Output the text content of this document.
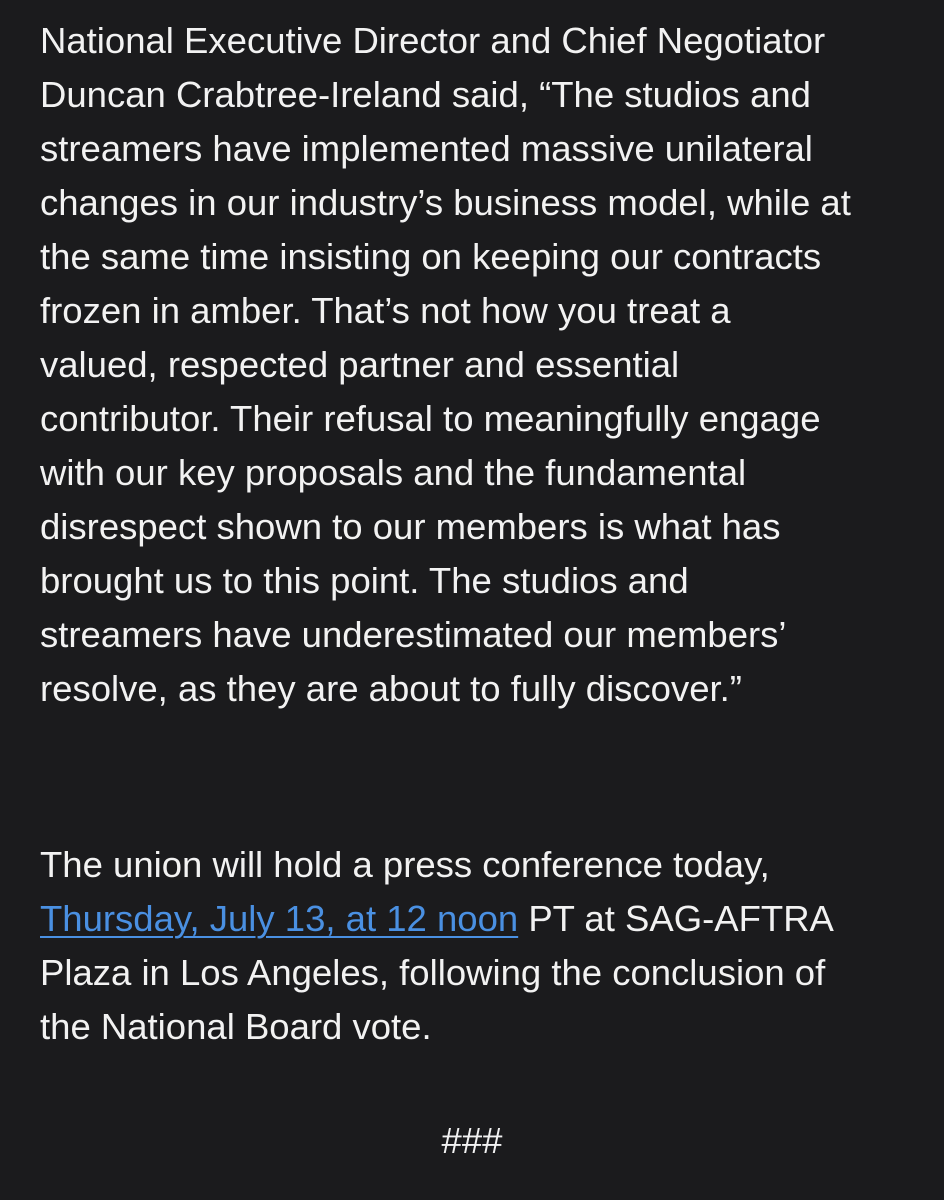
National Executive Director and Chief Negotiator
Duncan Crabtree-Ireland said, “The studios and
streamers have implemented massive unilateral
changes in our industry’s business model, while at
the same time insisting on keeping our contracts
frozen in amber. That’s not how you treat a
valued, respected partner and essential
contributor. Their refusal to meaningfully engage
with our key proposals and the fundamental
disrespect shown to our members is what has
brought us to this point. The studios and
streamers have underestimated our members’
resolve, as they are about to fully discover.”

The union will hold a press conference today,
Thursday, July 13, at 12 noon PT at SAG-AFTRA
Plaza in Los Angeles, following the conclusion of
the National Board vote.

###
